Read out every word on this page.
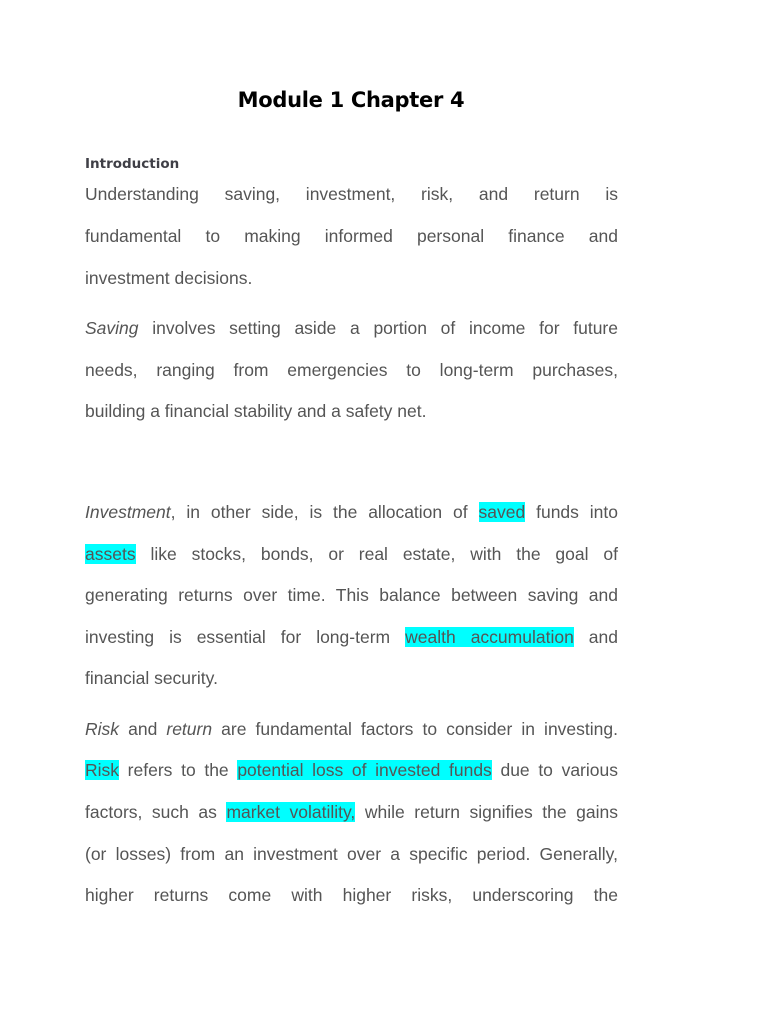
Module 1 Chapter 4
Introduction
Understanding saving, investment, risk, and return is
fundamental to making informed personal finance and
investment decisions.
Saving involves setting aside a portion of income for future
needs, ranging from emergencies to long-term purchases,
building a financial stability and a safety net.
Investment, in other side, is the allocation of saved funds into
assets like stocks, bonds, or real estate, with the goal of
generating returns over time. This balance between saving and
investing is essential for long-term wealth accumulation and
financial security.
Risk and return are fundamental factors to consider in investing.
Risk refers to the potential loss of invested funds due to various
factors, such as market volatility, while return signifies the gains
(or losses) from an investment over a specific period. Generally,
higher returns come with higher risks, underscoring the
